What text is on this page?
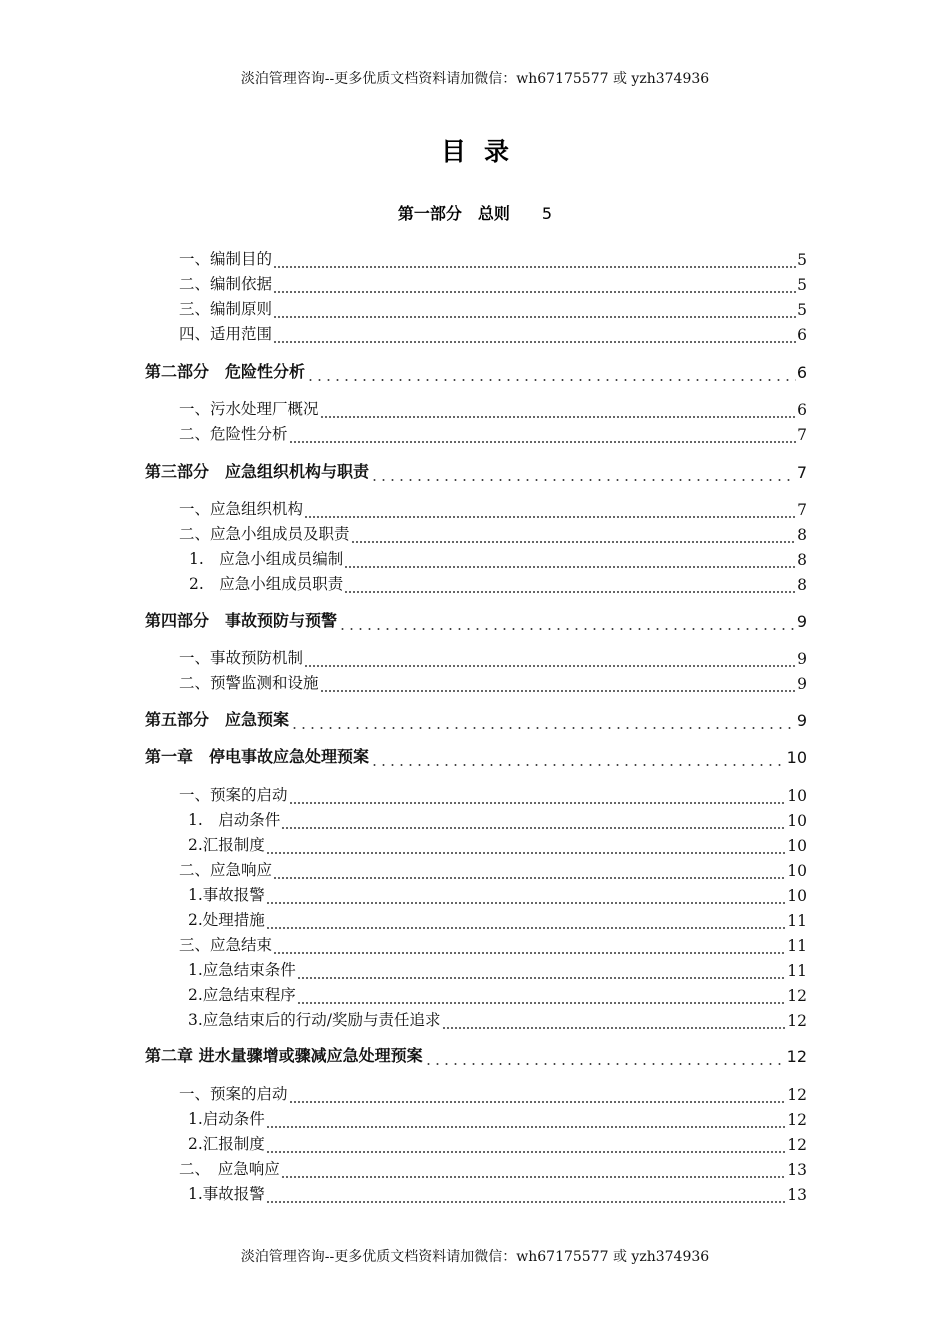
淡泊管理咨询--更多优质文档资料请加微信：wh67175577 或 yzh374936
目录
第一部分　总则 5
一、编制目的	5
二、编制依据	5
三、编制原则	5
四、适用范围	6
第二部分　危险性分析	6
一、污水处理厂概况	6
二、危险性分析	7
第三部分　应急组织机构与职责	7
一、应急组织机构	7
二、应急小组成员及职责	8
1.　应急小组成员编制	8
2.　应急小组成员职责	8
第四部分　事故预防与预警	9
一、事故预防机制	9
二、预警监测和设施	9
第五部分　应急预案	9
第一章　停电事故应急处理预案	10
一、预案的启动	10
1.　启动条件	10
2.汇报制度	10
二、应急响应	10
1.事故报警	10
2.处理措施	11
三、应急结束	11
1.应急结束条件	11
2.应急结束程序	12
3.应急结束后的行动/奖励与责任追求	12
第二章 进水量骤增或骤减应急处理预案	12
一、预案的启动	12
1.启动条件	12
2.汇报制度	12
二、　应急响应	13
1.事故报警	13
淡泊管理咨询--更多优质文档资料请加微信：wh67175577 或 yzh374936
